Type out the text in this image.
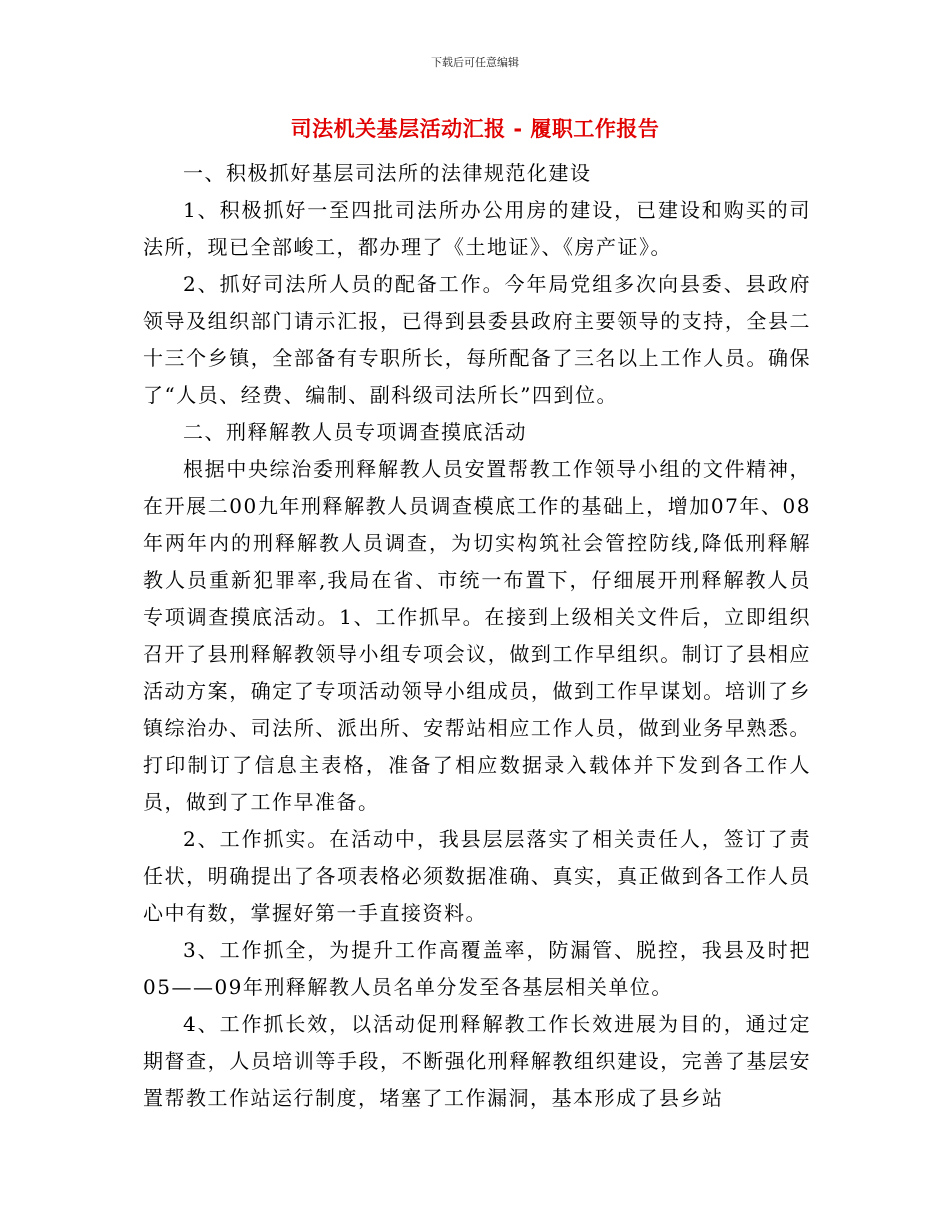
下载后可任意编辑
司法机关基层活动汇报 - 履职工作报告

一、积极抓好基层司法所的法律规范化建设

1、积极抓好一至四批司法所办公用房的建设，已建设和购买的司法所，现已全部峻工，都办理了《土地证》、《房产证》。

2、抓好司法所人员的配备工作。今年局党组多次向县委、县政府领导及组织部门请示汇报，已得到县委县政府主要领导的支持，全县二十三个乡镇，全部备有专职所长，每所配备了三名以上工作人员。确保了“人员、经费、编制、副科级司法所长”四到位。

二、刑释解教人员专项调查摸底活动

根据中央综治委刑释解教人员安置帮教工作领导小组的文件精神，在开展二00九年刑释解教人员调查模底工作的基础上，增加07年、08年两年内的刑释解教人员调查，为切实构筑社会管控防线,降低刑释解教人员重新犯罪率,我局在省、市统一布置下，仔细展开刑释解教人员专项调查摸底活动。1、工作抓早。在接到上级相关文件后，立即组织召开了县刑释解教领导小组专项会议，做到工作早组织。制订了县相应活动方案，确定了专项活动领导小组成员，做到工作早谋划。培训了乡镇综治办、司法所、派出所、安帮站相应工作人员，做到业务早熟悉。打印制订了信息主表格，准备了相应数据录入载体并下发到各工作人员，做到了工作早准备。

2、工作抓实。在活动中，我县层层落实了相关责任人，签订了责任状，明确提出了各项表格必须数据准确、真实，真正做到各工作人员心中有数，掌握好第一手直接资料。

3、工作抓全，为提升工作高覆盖率，防漏管、脱控，我县及时把05——09年刑释解教人员名单分发至各基层相关单位。

4、工作抓长效，以活动促刑释解教工作长效进展为目的，通过定期督查，人员培训等手段，不断强化刑释解教组织建设，完善了基层安置帮教工作站运行制度，堵塞了工作漏洞，基本形成了县乡站
